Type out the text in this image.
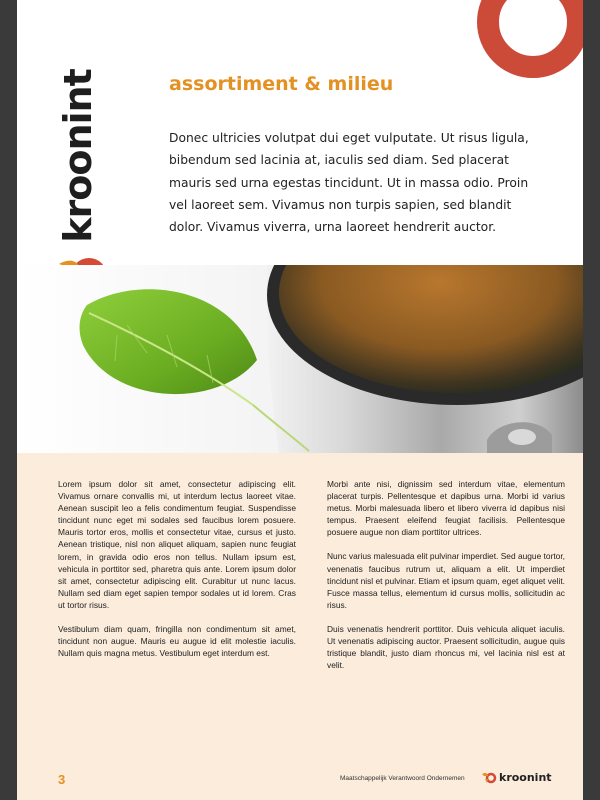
kroonint	assortiment & milieu

Donec ultricies volutpat dui eget vulputate. Ut risus ligula, bibendum sed lacinia at, iaculis sed diam. Sed placerat mauris sed urna egestas tincidunt. Ut in massa odio. Proin vel laoreet sem. Vivamus non turpis sapien, sed blandit dolor. Vivamus viverra, urna laoreet hendrerit auctor.

Lorem ipsum dolor sit amet, consectetur adipiscing elit. Vivamus ornare convallis mi, ut interdum lectus laoreet vitae. Aenean suscipit leo a felis condimentum feugiat. Suspendisse tincidunt nunc eget mi sodales sed faucibus lorem posuere. Mauris tortor eros, mollis et consectetur vitae, cursus et justo. Aenean tristique, nisl non aliquet aliquam, sapien nunc feugiat lorem, in gravida odio eros non tellus. Nullam ipsum est, vehicula in porttitor sed, pharetra quis ante. Lorem ipsum dolor sit amet, consectetur adipiscing elit. Curabitur ut nunc lacus. Nullam sed diam eget sapien tempor sodales ut id lorem. Cras ut tortor risus.

Vestibulum diam quam, fringilla non condimentum sit amet, tincidunt non augue. Mauris eu augue id elit molestie iaculis. Nullam quis magna metus. Vestibulum eget interdum est.

Morbi ante nisi, dignissim sed interdum vitae, elementum placerat turpis. Pellentesque et dapibus urna. Morbi id varius metus. Morbi malesuada libero et libero viverra id dapibus nisi tempus. Praesent eleifend feugiat facilisis. Pellentesque posuere augue non diam porttitor ultrices.

Nunc varius malesuada elit pulvinar imperdiet. Sed augue tortor, venenatis faucibus rutrum ut, aliquam a elit. Ut imperdiet tincidunt nisl et pulvinar. Etiam et ipsum quam, eget aliquet velit. Fusce massa tellus, elementum id cursus mollis, sollicitudin ac risus.

Duis venenatis hendrerit porttitor. Duis vehicula aliquet iaculis. Ut venenatis adipiscing auctor. Praesent sollicitudin, augue quis tristique blandit, justo diam rhoncus mi, vel lacinia nisl est at velit.

3	Maatschappelijk Verantwoord Ondernemen	kroonint
